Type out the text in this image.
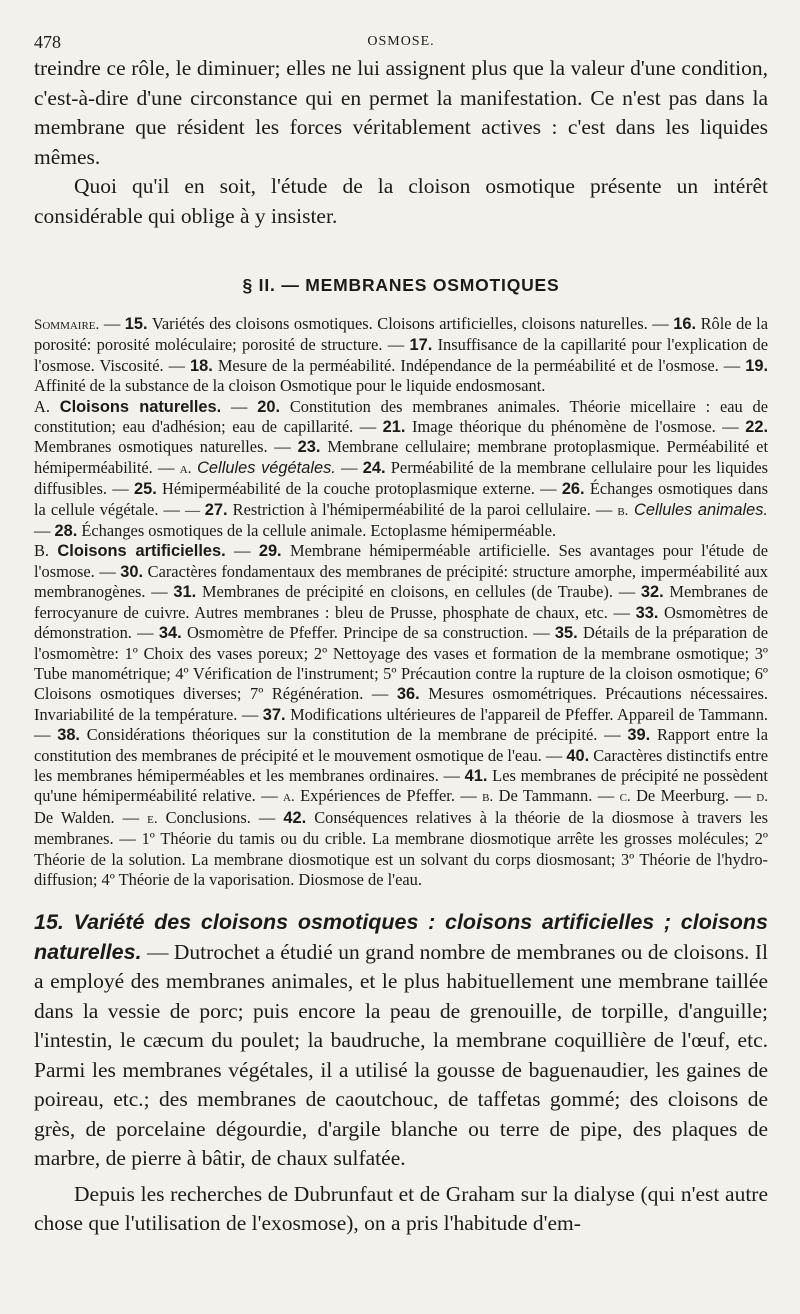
478	OSMOSE.

treindre ce rôle, le diminuer; elles ne lui assignent plus que la valeur d'une condition, c'est-à-dire d'une circonstance qui en permet la manifestation. Ce n'est pas dans la membrane que résident les forces véritablement actives : c'est dans les liquides mêmes.

Quoi qu'il en soit, l'étude de la cloison osmotique présente un intérêt considérable qui oblige à y insister.

§ II. — MEMBRANES OSMOTIQUES

Sommaire. — 15. Variétés des cloisons osmotiques. Cloisons artificielles, cloisons naturelles. — 16. Rôle de la porosité: porosité moléculaire; porosité de structure. — 17. Insuffisance de la capillarité pour l'explication de l'osmose. Viscosité. — 18. Mesure de la perméabilité. Indépendance de la perméabilité et de l'osmose. — 19. Affinité de la substance de la cloison Osmotique pour le liquide endosmosant.

A. Cloisons naturelles. — 20. Constitution des membranes animales. Théorie micellaire : eau de constitution; eau d'adhésion; eau de capillarité. — 21. Image théorique du phénomène de l'osmose. — 22. Membranes osmotiques naturelles. — 23. Membrane cellulaire; membrane protoplasmique. Perméabilité et hémiperméabilité. — a. Cellules végétales. — 24. Perméabilité de la membrane cellulaire pour les liquides diffusibles. — 25. Hémiperméabilité de la couche protoplasmique externe. — 26. Échanges osmotiques dans la cellule végétale. — — 27. Restriction à l'hémiperméabilité de la paroi cellulaire. — b. Cellules animales. — 28. Échanges osmotiques de la cellule animale. Ectoplasme hémiperméable.

B. Cloisons artificielles. — 29. Membrane hémiperméable artificielle. Ses avantages pour l'étude de l'osmose. — 30. Caractères fondamentaux des membranes de précipité: structure amorphe, imperméabilité aux membranogènes. — 31. Membranes de précipité en cloisons, en cellules (de Traube). — 32. Membranes de ferrocyanure de cuivre. Autres membranes : bleu de Prusse, phosphate de chaux, etc. — 33. Osmomètres de démonstration. — 34. Osmomètre de Pfeffer. Principe de sa construction. — 35. Détails de la préparation de l'osmomètre: 1º Choix des vases poreux; 2º Nettoyage des vases et formation de la membrane osmotique; 3º Tube manométrique; 4º Vérification de l'instrument; 5º Précaution contre la rupture de la cloison osmotique; 6º Cloisons osmotiques diverses; 7º Régénération. — 36. Mesures osmométriques. Précautions nécessaires. Invariabilité de la température. — 37. Modifications ultérieures de l'appareil de Pfeffer. Appareil de Tammann. — 38. Considérations théoriques sur la constitution de la membrane de précipité. — 39. Rapport entre la constitution des membranes de précipité et le mouvement osmotique de l'eau. — 40. Caractères distinctifs entre les membranes hémiperméables et les membranes ordinaires. — 41. Les membranes de précipité ne possèdent qu'une hémiperméabilité relative. — a. Expériences de Pfeffer. — b. De Tammann. — c. De Meerburg. — d. De Walden. — e. Conclusions. — 42. Conséquences relatives à la théorie de la diosmose à travers les membranes. — 1º Théorie du tamis ou du crible. La membrane diosmotique arrête les grosses molécules; 2º Théorie de la solution. La membrane diosmotique est un solvant du corps diosmosant; 3º Théorie de l'hydro-diffusion; 4º Théorie de la vaporisation. Diosmose de l'eau.

15. Variété des cloisons osmotiques : cloisons artificielles ; cloisons naturelles. — Dutrochet a étudié un grand nombre de membranes ou de cloisons. Il a employé des membranes animales, et le plus habituellement une membrane taillée dans la vessie de porc; puis encore la peau de grenouille, de torpille, d'anguille; l'intestin, le cæcum du poulet; la baudruche, la membrane coquillière de l'œuf, etc. Parmi les membranes végétales, il a utilisé la gousse de baguenaudier, les gaines de poireau, etc.; des membranes de caoutchouc, de taffetas gommé; des cloisons de grès, de porcelaine dégourdie, d'argile blanche ou terre de pipe, des plaques de marbre, de pierre à bâtir, de chaux sulfatée.

Depuis les recherches de Dubrunfaut et de Graham sur la dialyse (qui n'est autre chose que l'utilisation de l'exosmose), on a pris l'habitude d'em-
